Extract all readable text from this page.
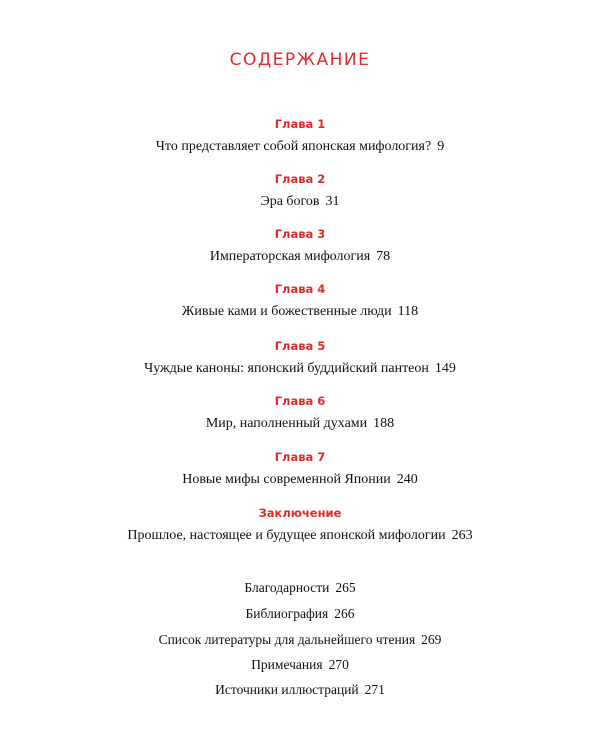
СОДЕРЖАНИЕ
Глава 1
Что представляет собой японская мифология? 9
Глава 2
Эра богов 31
Глава 3
Императорская мифология 78
Глава 4
Живые ками и божественные люди 118
Глава 5
Чуждые каноны: японский буддийский пантеон 149
Глава 6
Мир, наполненный духами 188
Глава 7
Новые мифы современной Японии 240
Заключение
Прошлое, настоящее и будущее японской мифологии 263
Благодарности 265
Библиография 266
Список литературы для дальнейшего чтения 269
Примечания 270
Источники иллюстраций 271
